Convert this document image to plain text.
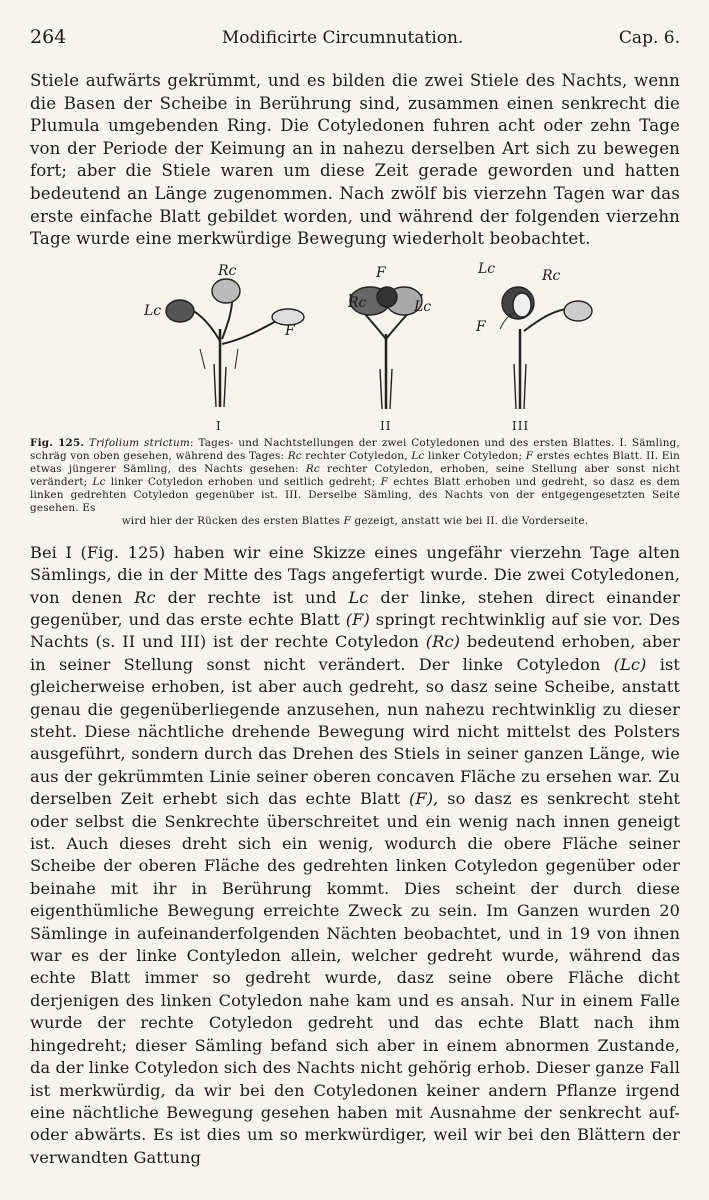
264	Modificirte Circumnutation.	Cap. 6.

Stiele aufwärts gekrümmt, und es bilden die zwei Stiele des Nachts, wenn die Basen der Scheibe in Berührung sind, zusammen einen senkrecht die Plumula umgebenden Ring. Die Cotyledonen fuhren acht oder zehn Tage von der Periode der Keimung an in nahezu derselben Art sich zu bewegen fort; aber die Stiele waren um diese Zeit gerade geworden und hatten bedeutend an Länge zugenommen. Nach zwölf bis vierzehn Tagen war das erste einfache Blatt gebildet worden, und während der folgenden vierzehn Tage wurde eine merkwürdige Bewegung wiederholt beobachtet.

Rc
Lc
F
F
Rc	Lc
Lc	Rc
F
I	II	III
Fig. 125. Trifolium strictum: Tages- und Nachtstellungen der zwei Cotyledonen und des ersten Blattes. I. Sämling, schräg von oben gesehen, während des Tages: Rc rechter Cotyledon, Lc linker Cotyledon; F erstes echtes Blatt. II. Ein etwas jüngerer Sämling, des Nachts gesehen: Rc rechter Cotyledon, erhoben, seine Stellung aber sonst nicht verändert; Lc linker Cotyledon erhoben und seitlich gedreht; F echtes Blatt erhoben und gedreht, so dasz es dem linken gedrehten Cotyledon gegenüber ist. III. Derselbe Sämling, des Nachts von der entgegengesetzten Seite gesehen. Es
wird hier der Rücken des ersten Blattes F gezeigt, anstatt wie bei II. die Vorderseite.

Bei I (Fig. 125) haben wir eine Skizze eines ungefähr vierzehn Tage alten Sämlings, die in der Mitte des Tags angefertigt wurde. Die zwei Cotyledonen, von denen Rc der rechte ist und Lc der linke, stehen direct einander gegenüber, und das erste echte Blatt (F) springt rechtwinklig auf sie vor. Des Nachts (s. II und III) ist der rechte Cotyledon (Rc) bedeutend erhoben, aber in seiner Stellung sonst nicht verändert. Der linke Cotyledon (Lc) ist gleicherweise erhoben, ist aber auch gedreht, so dasz seine Scheibe, anstatt genau die gegenüberliegende anzusehen, nun nahezu rechtwinklig zu dieser steht. Diese nächtliche drehende Bewegung wird nicht mittelst des Polsters ausgeführt, sondern durch das Drehen des Stiels in seiner ganzen Länge, wie aus der gekrümmten Linie seiner oberen concaven Fläche zu ersehen war. Zu derselben Zeit erhebt sich das echte Blatt (F), so dasz es senkrecht steht oder selbst die Senkrechte überschreitet und ein wenig nach innen geneigt ist. Auch dieses dreht sich ein wenig, wodurch die obere Fläche seiner Scheibe der oberen Fläche des gedrehten linken Cotyledon gegenüber oder beinahe mit ihr in Berührung kommt. Dies scheint der durch diese eigenthümliche Bewegung erreichte Zweck zu sein. Im Ganzen wurden 20 Sämlinge in aufeinanderfolgenden Nächten beobachtet, und in 19 von ihnen war es der linke Contyledon allein, welcher gedreht wurde, während das echte Blatt immer so gedreht wurde, dasz seine obere Fläche dicht derjenigen des linken Cotyledon nahe kam und es ansah. Nur in einem Falle wurde der rechte Cotyledon gedreht und das echte Blatt nach ihm hingedreht; dieser Sämling befand sich aber in einem abnormen Zustande, da der linke Cotyledon sich des Nachts nicht gehörig erhob. Dieser ganze Fall ist merkwürdig, da wir bei den Cotyledonen keiner andern Pflanze irgend eine nächtliche Bewegung gesehen haben mit Ausnahme der senkrecht auf- oder abwärts. Es ist dies um so merkwürdiger, weil wir bei den Blättern der verwandten Gattung
